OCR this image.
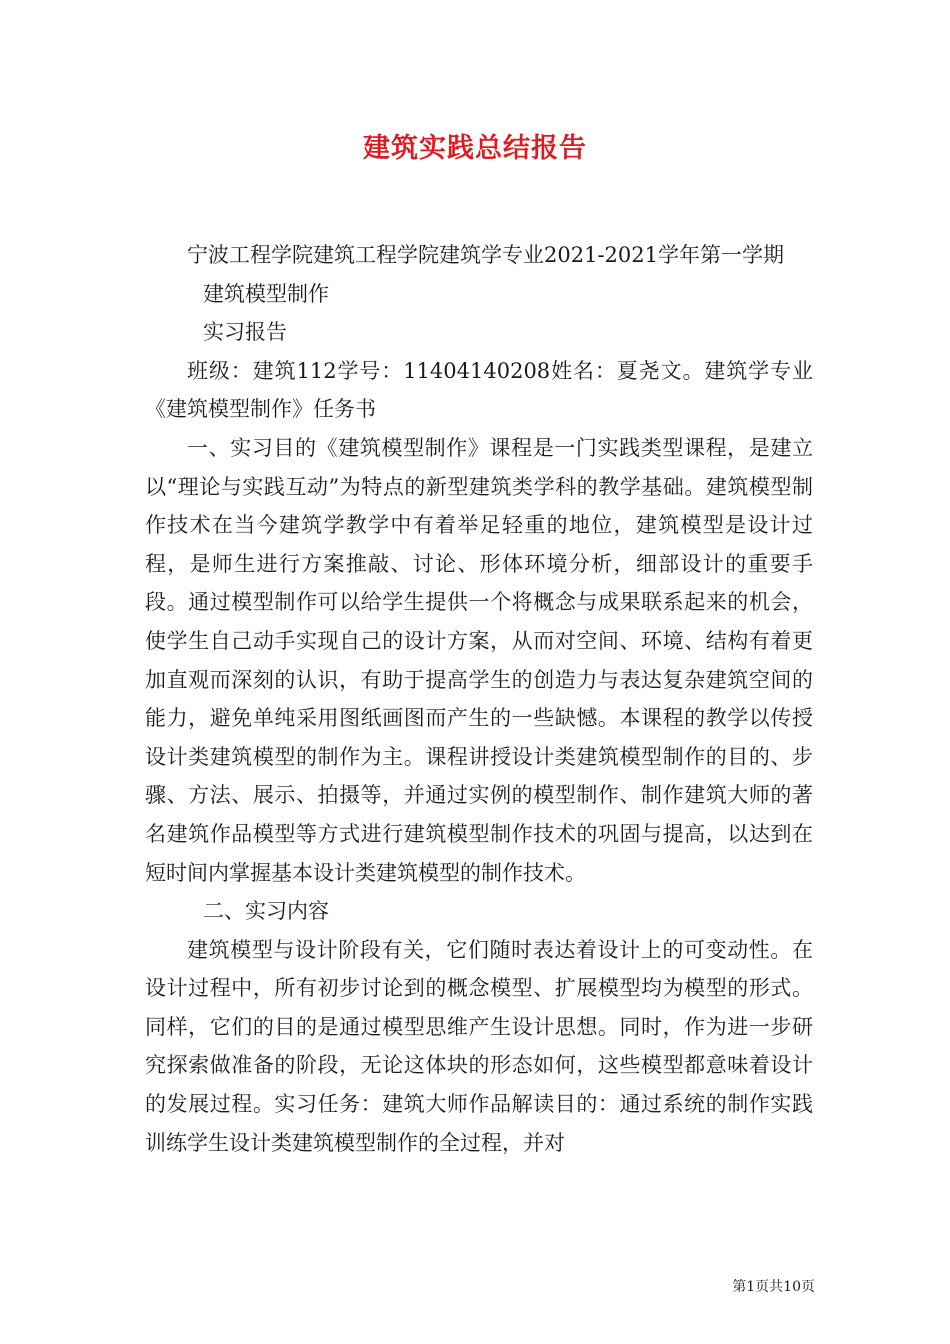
建筑实践总结报告

宁波工程学院建筑工程学院建筑学专业2021-2021学年第一学期

建筑模型制作

实习报告

班级：建筑112学号：11404140208姓名：夏尧文。建筑学专业《建筑模型制作》任务书

一、实习目的《建筑模型制作》课程是一门实践类型课程，是建立以“理论与实践互动”为特点的新型建筑类学科的教学基础。建筑模型制作技术在当今建筑学教学中有着举足轻重的地位，建筑模型是设计过程，是师生进行方案推敲、讨论、形体环境分析，细部设计的重要手段。通过模型制作可以给学生提供一个将概念与成果联系起来的机会，使学生自己动手实现自己的设计方案，从而对空间、环境、结构有着更加直观而深刻的认识，有助于提高学生的创造力与表达复杂建筑空间的能力，避免单纯采用图纸画图而产生的一些缺憾。本课程的教学以传授设计类建筑模型的制作为主。课程讲授设计类建筑模型制作的目的、步骤、方法、展示、拍摄等，并通过实例的模型制作、制作建筑大师的著名建筑作品模型等方式进行建筑模型制作技术的巩固与提高，以达到在短时间内掌握基本设计类建筑模型的制作技术。

二、实习内容

建筑模型与设计阶段有关，它们随时表达着设计上的可变动性。在设计过程中，所有初步讨论到的概念模型、扩展模型均为模型的形式。同样，它们的目的是通过模型思维产生设计思想。同时，作为进一步研究探索做准备的阶段，无论这体块的形态如何，这些模型都意味着设计的发展过程。实习任务：建筑大师作品解读目的：通过系统的制作实践训练学生设计类建筑模型制作的全过程，并对

第1页共10页
